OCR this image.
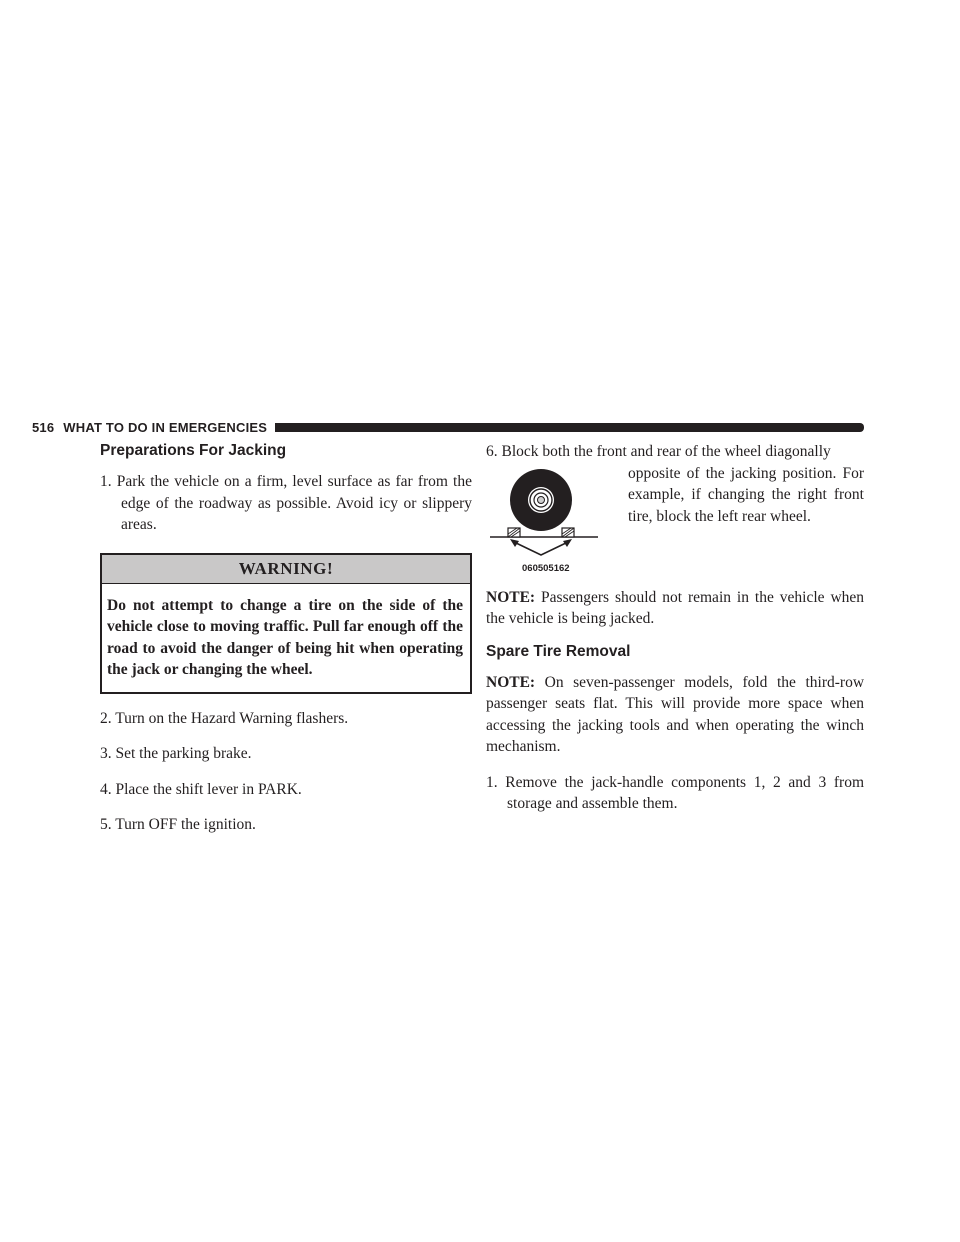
516 WHAT TO DO IN EMERGENCIES
Preparations For Jacking

1. Park the vehicle on a firm, level surface as far from the edge of the roadway as possible. Avoid icy or slippery areas.

WARNING!
Do not attempt to change a tire on the side of the vehicle close to moving traffic. Pull far enough off the road to avoid the danger of being hit when operating the jack or changing the wheel.

2. Turn on the Hazard Warning flashers.

3. Set the parking brake.

4. Place the shift lever in PARK.

5. Turn OFF the ignition.

6. Block both the front and rear of the wheel diagonally

060505162
opposite of the jacking position. For example, if changing the right front tire, block the left rear wheel.

NOTE: Passengers should not remain in the vehicle when the vehicle is being jacked.

Spare Tire Removal

NOTE: On seven-passenger models, fold the third-row passenger seats flat. This will provide more space when accessing the jacking tools and when operating the winch mechanism.

1. Remove the jack-handle components 1, 2 and 3 from storage and assemble them.
